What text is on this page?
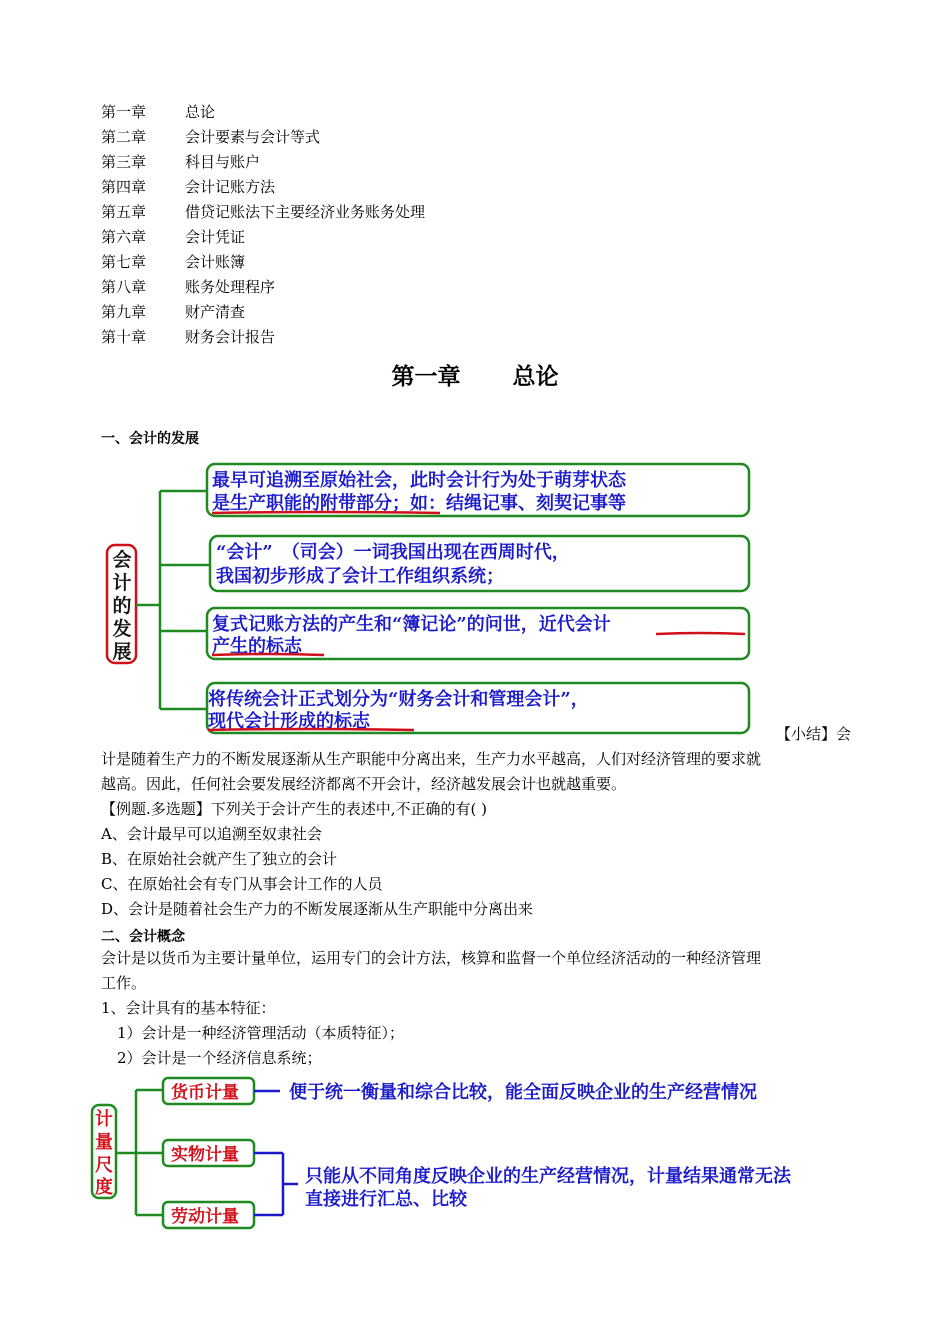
第一章	总论
第二章	会计要素与会计等式
第三章	科目与账户
第四章	会计记账方法
第五章	借贷记账法下主要经济业务账务处理
第六章	会计凭证
第七章	会计账簿
第八章	账务处理程序
第九章	财产清查
第十章	财务会计报告
第一章 总论
一、会计的发展
会
计
的
发
展
最早可追溯至原始社会，此时会计行为处于萌芽状态
是生产职能的附带部分；如：结绳记事、刻契记事等
“会计”　（司会）一词我国出现在西周时代，
我国初步形成了会计工作组织系统；
复式记账方法的产生和“簿记论”的问世，近代会计
产生的标志
将传统会计正式划分为“财务会计和管理会计”，
现代会计形成的标志
【小结】会
计是随着生产力的不断发展逐渐从生产职能中分离出来，生产力水平越高，人们对经济管理的要求就
越高。因此，任何社会要发展经济都离不开会计，经济越发展会计也就越重要。
【例题.多选题】下列关于会计产生的表述中,不正确的有( )
A、会计最早可以追溯至奴隶社会
B、在原始社会就产生了独立的会计
C、在原始社会有专门从事会计工作的人员
D、会计是随着社会生产力的不断发展逐渐从生产职能中分离出来
二、会计概念
会计是以货币为主要计量单位，运用专门的会计方法，核算和监督一个单位经济活动的一种经济管理
工作。
1、会计具有的基本特征：
1）会计是一种经济管理活动（本质特征）；
2）会计是一个经济信息系统；
计
量
尺
度
货币计量
实物计量
劳动计量
便于统一衡量和综合比较，能全面反映企业的生产经营情况
只能从不同角度反映企业的生产经营情况，计量结果通常无法
直接进行汇总、比较
